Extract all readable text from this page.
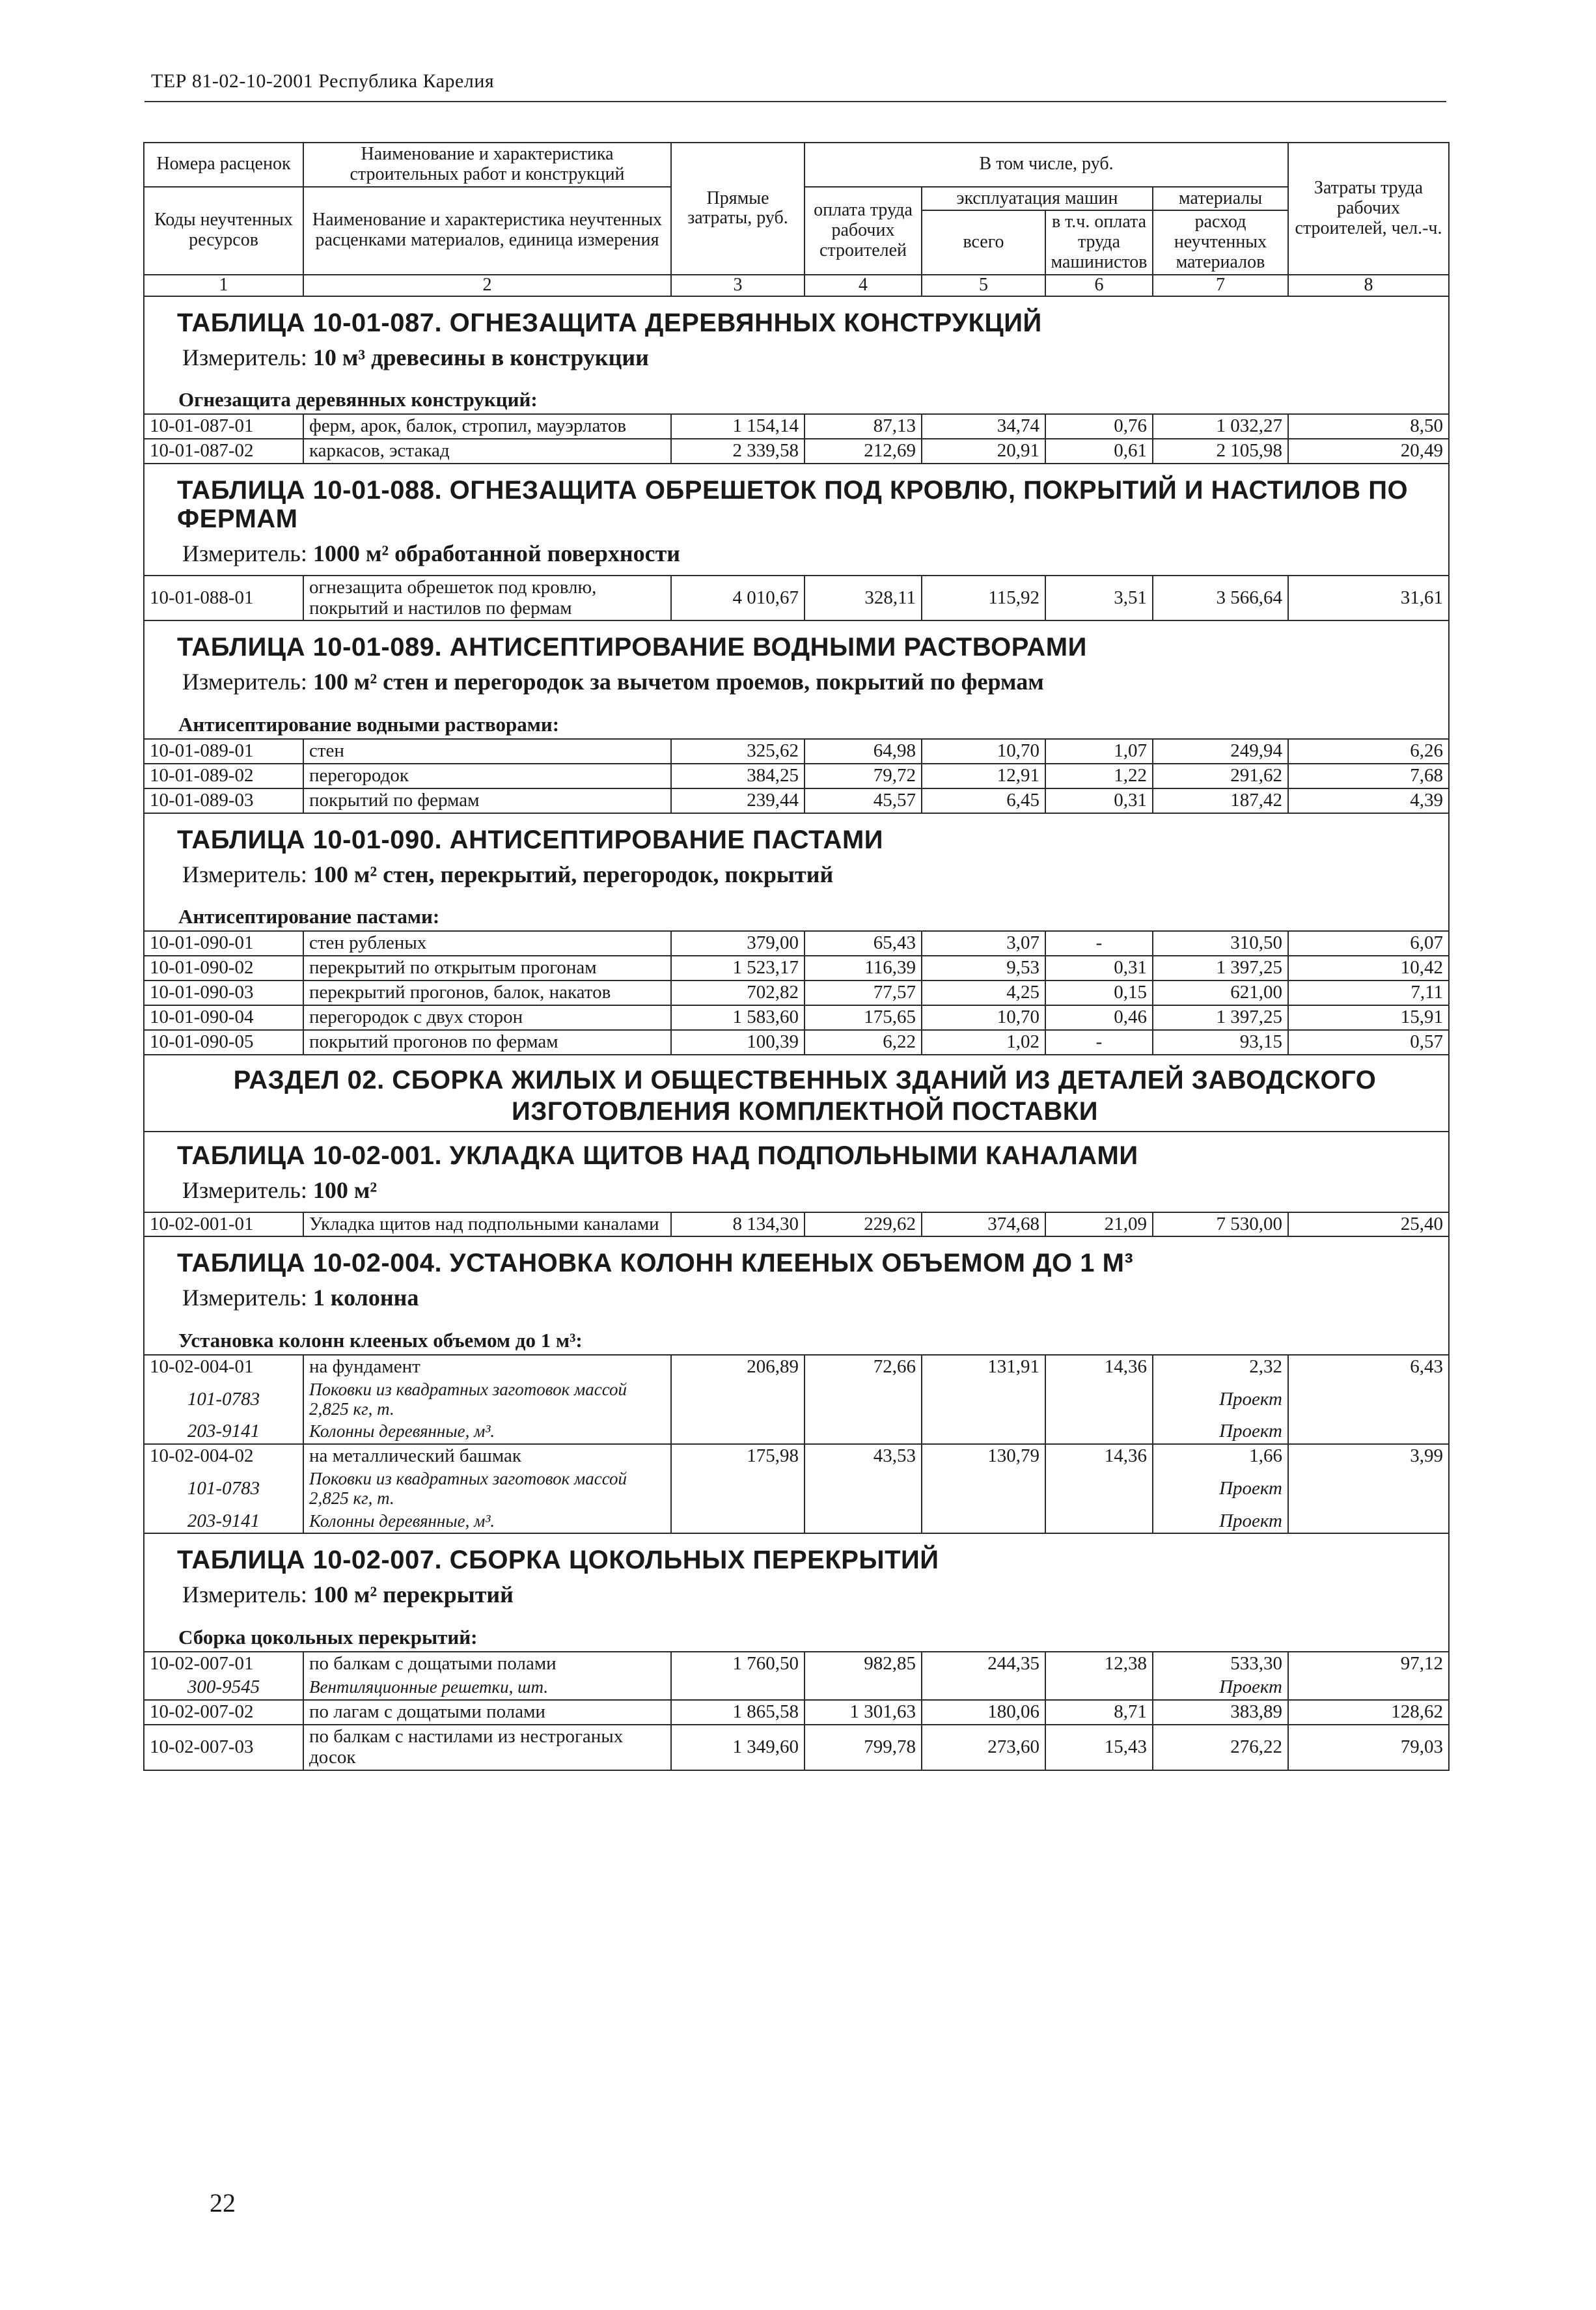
ТЕР 81-02-10-2001 Республика Карелия
Номера расценок	Наименование и характеристика строительных работ и конструкций	Прямые затраты, руб.	В том числе, руб.				Затраты труда рабочих строителей, чел.-ч.
Коды неучтенных ресурсов	Наименование и характеристика неучтенных расценками материалов, единица измерения		оплата труда рабочих строителей	эксплуатация машин		материалы	
				всего	в т.ч. оплата труда машинистов	расход неучтенных материалов	
1	2	3	4	5	6	7	8
ТАБЛИЦА 10-01-087. ОГНЕЗАЩИТА ДЕРЕВЯННЫХ КОНСТРУКЦИЙ							
Измеритель: 10 м³ древесины в конструкции							
Огнезащита деревянных конструкций:							
10-01-087-01	ферм, арок, балок, стропил, мауэрлатов	1 154,14	87,13	34,74	0,76	1 032,27	8,50
10-01-087-02	каркасов, эстакад	2 339,58	212,69	20,91	0,61	2 105,98	20,49
ТАБЛИЦА 10-01-088. ОГНЕЗАЩИТА ОБРЕШЕТОК ПОД КРОВЛЮ, ПОКРЫТИЙ И НАСТИЛОВ ПО ФЕРМАМ							
Измеритель: 1000 м² обработанной поверхности							
10-01-088-01	огнезащита обрешеток под кровлю, покрытий и настилов по фермам	4 010,67	328,11	115,92	3,51	3 566,64	31,61
ТАБЛИЦА 10-01-089. АНТИСЕПТИРОВАНИЕ ВОДНЫМИ РАСТВОРАМИ							
Измеритель: 100 м² стен и перегородок за вычетом проемов, покрытий по фермам							
Антисептирование водными растворами:							
10-01-089-01	стен	325,62	64,98	10,70	1,07	249,94	6,26
10-01-089-02	перегородок	384,25	79,72	12,91	1,22	291,62	7,68
10-01-089-03	покрытий по фермам	239,44	45,57	6,45	0,31	187,42	4,39
ТАБЛИЦА 10-01-090. АНТИСЕПТИРОВАНИЕ ПАСТАМИ							
Измеритель: 100 м² стен, перекрытий, перегородок, покрытий							
Антисептирование пастами:							
10-01-090-01	стен рубленых	379,00	65,43	3,07	-	310,50	6,07
10-01-090-02	перекрытий по открытым прогонам	1 523,17	116,39	9,53	0,31	1 397,25	10,42
10-01-090-03	перекрытий прогонов, балок, накатов	702,82	77,57	4,25	0,15	621,00	7,11
10-01-090-04	перегородок с двух сторон	1 583,60	175,65	10,70	0,46	1 397,25	15,91
10-01-090-05	покрытий прогонов по фермам	100,39	6,22	1,02	-	93,15	0,57

РАЗДЕЛ 02. СБОРКА ЖИЛЫХ И ОБЩЕСТВЕННЫХ ЗДАНИЙ ИЗ ДЕТАЛЕЙ ЗАВОДСКОГО
ИЗГОТОВЛЕНИЯ КОМПЛЕКТНОЙ ПОСТАВКИ							

ТАБЛИЦА 10-02-001. УКЛАДКА ЩИТОВ НАД ПОДПОЛЬНЫМИ КАНАЛАМИ							
Измеритель: 100 м²							
10-02-001-01	Укладка щитов над подпольными каналами	8 134,30	229,62	374,68	21,09	7 530,00	25,40
ТАБЛИЦА 10-02-004. УСТАНОВКА КОЛОНН КЛЕЕНЫХ ОБЪЕМОМ ДО 1 М³							
Измеритель: 1 колонна							
Установка колонн клееных объемом до 1 м³:							
10-02-004-01	на фундамент	206,89	72,66	131,91	14,36	2,32	6,43
101-0783	Поковки из квадратных заготовок массой 2,825 кг, т.					Проект	
203-9141	Колонны деревянные, м³.					Проект	
10-02-004-02	на металлический башмак	175,98	43,53	130,79	14,36	1,66	3,99
101-0783	Поковки из квадратных заготовок массой 2,825 кг, т.					Проект	
203-9141	Колонны деревянные, м³.					Проект	
ТАБЛИЦА 10-02-007. СБОРКА ЦОКОЛЬНЫХ ПЕРЕКРЫТИЙ							
Измеритель: 100 м² перекрытий							
Сборка цокольных перекрытий:							
10-02-007-01	по балкам с дощатыми полами	1 760,50	982,85	244,35	12,38	533,30	97,12
300-9545	Вентиляционные решетки, шт.					Проект	
10-02-007-02	по лагам с дощатыми полами	1 865,58	1 301,63	180,06	8,71	383,89	128,62
10-02-007-03	по балкам с настилами из нестроганых досок	1 349,60	799,78	273,60	15,43	276,22	79,03
22
